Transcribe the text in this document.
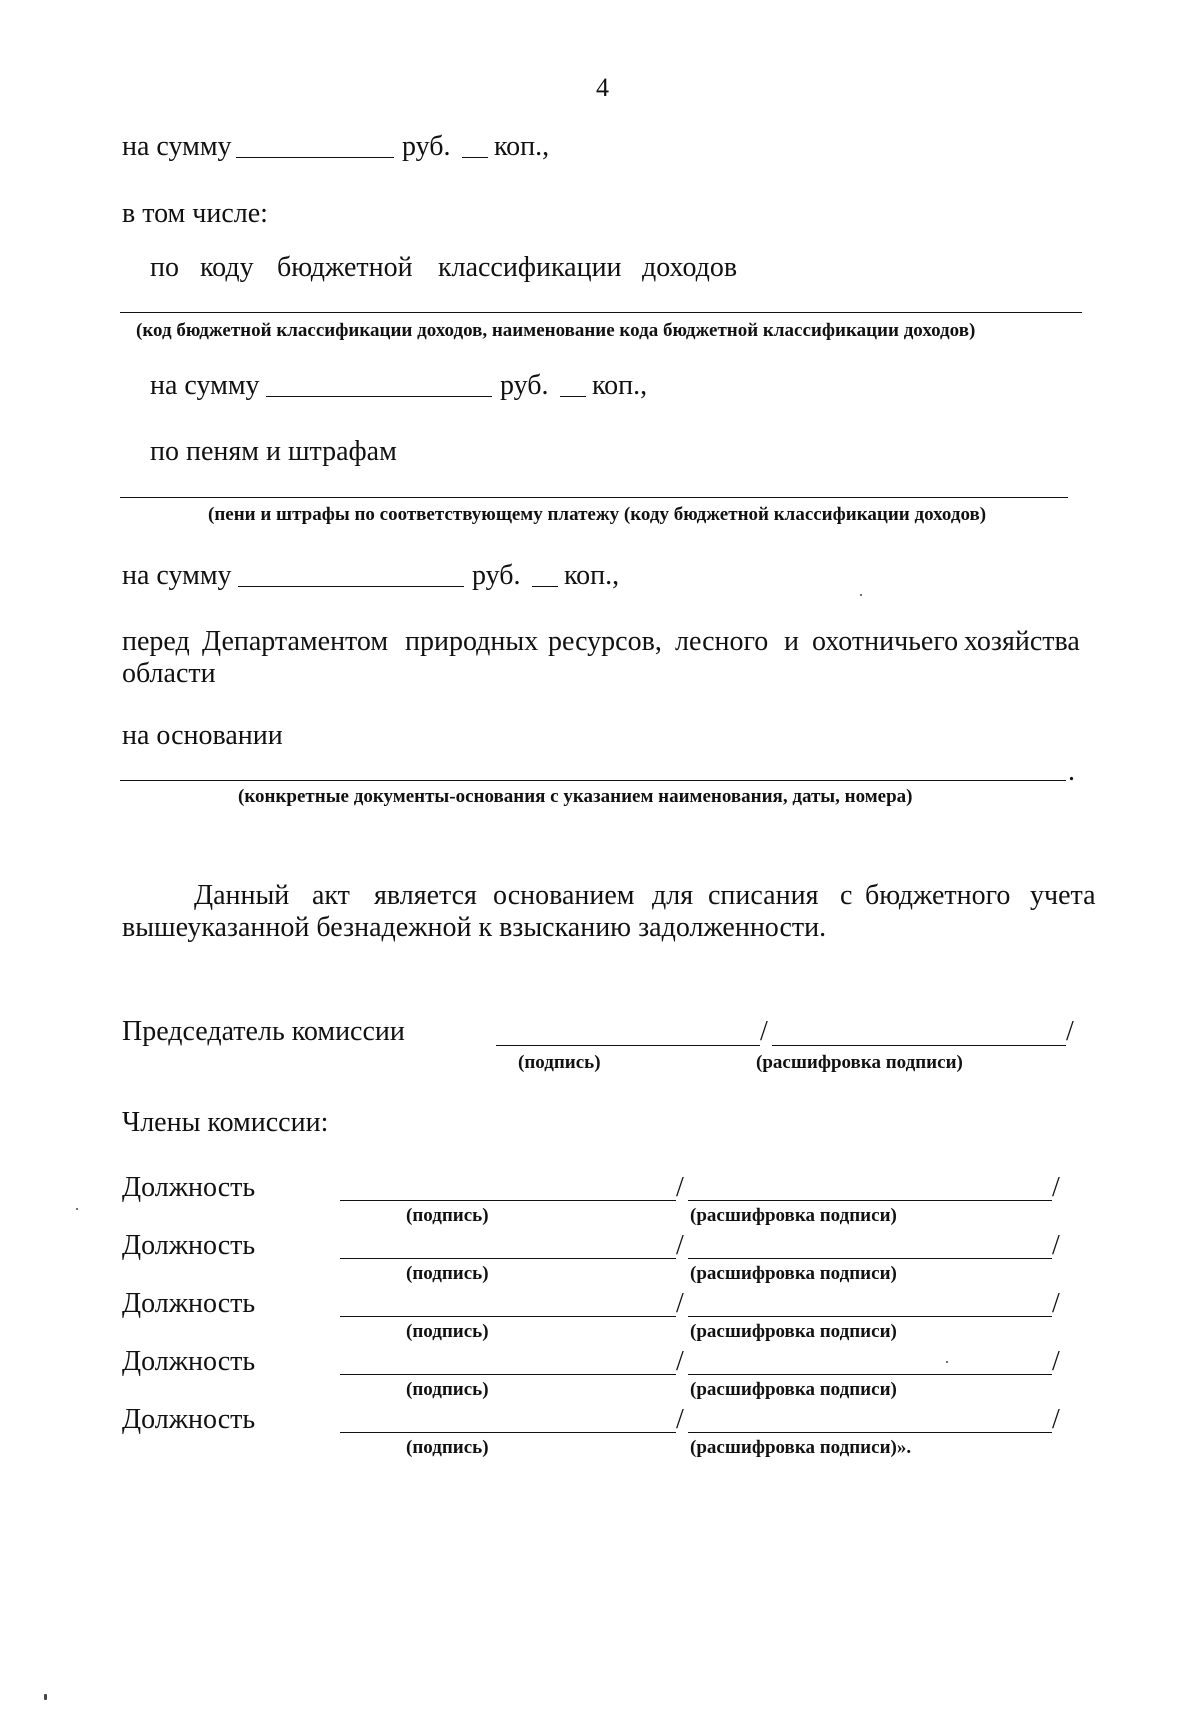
4
на сумму	руб. коп.,
в том числе:
по коду бюджетной классификации доходов
(код бюджетной классификации доходов, наименование кода бюджетной классификации доходов)
на сумму	руб. коп.,
по пеням и штрафам
(пени и штрафы по соответствующему платежу (коду бюджетной классификации доходов)
на сумму	руб. коп.,
перед Департаментом природных ресурсов, лесного и охотничьего хозяйства
области
на основании
.
(конкретные документы-основания с указанием наименования, даты, номера)
Данный акт является основанием для списания с бюджетного учета
вышеуказанной безнадежной к взысканию задолженности.
Председатель комиссии	/	/
(подпись)	(расшифровка подписи)
Члены комиссии:
Должность	/	/
(подпись)	(расшифровка подписи)
Должность	/	/
(подпись)	(расшифровка подписи)
Должность	/	/
(подпись)	(расшифровка подписи)
Должность	/	/
(подпись)	(расшифровка подписи)
Должность	/	/
(подпись)	(расшифровка подписи)».
